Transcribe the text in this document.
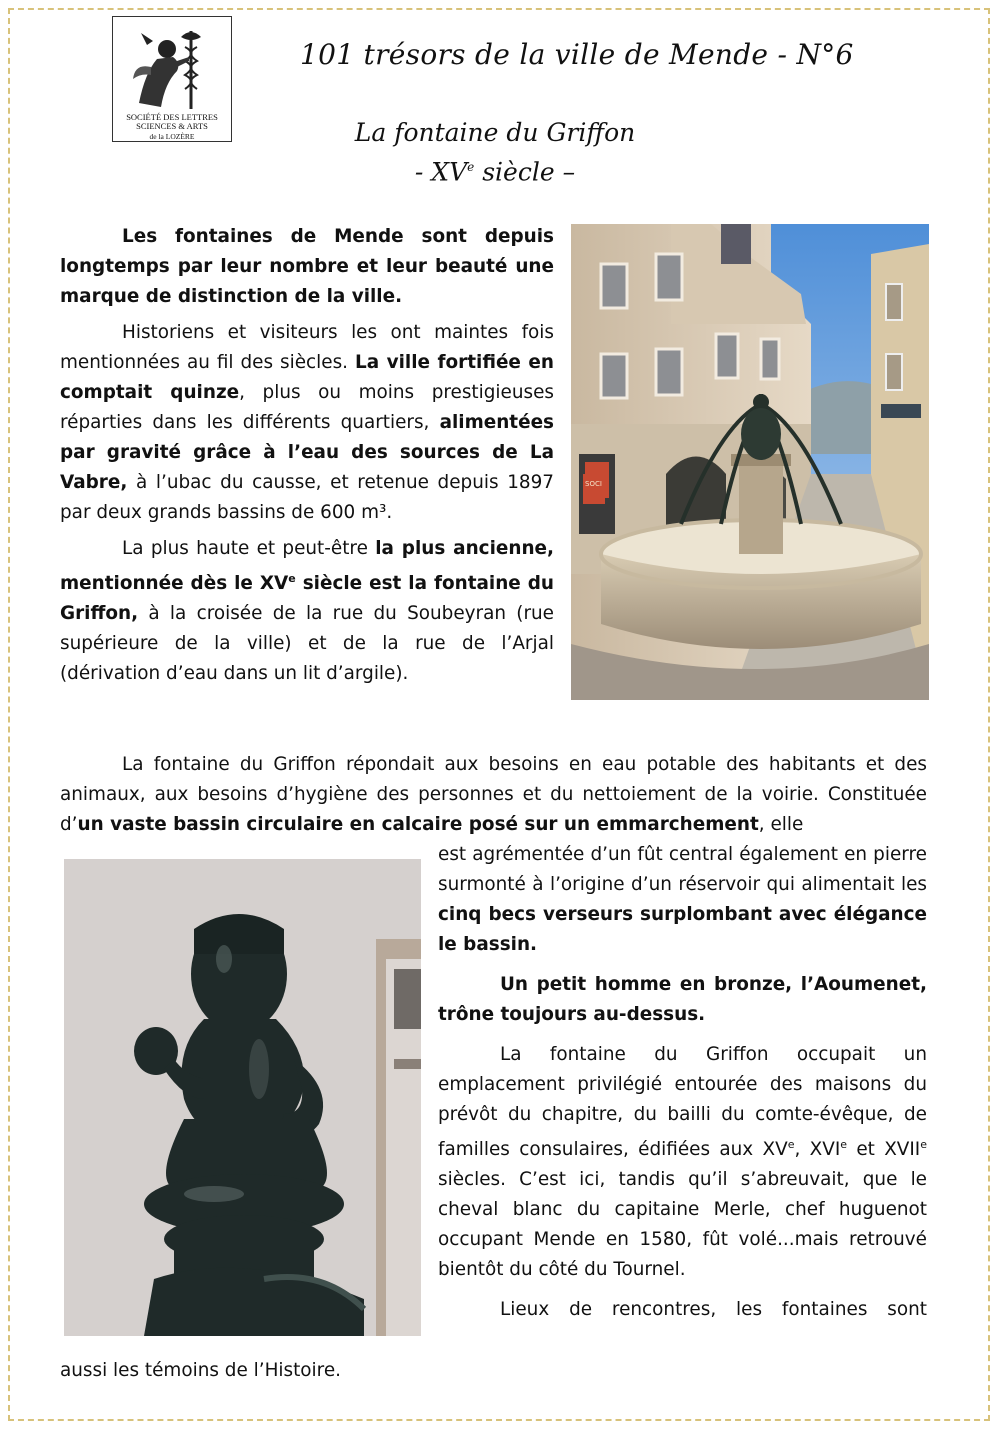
SOCIÉTÉ DES LETTRES
SCIENCES & ARTS
de la LOZÈRE
101 trésors de la ville de Mende - N°6
La fontaine du Griffon
- XVe siècle –

Les fontaines de Mende sont depuis longtemps par leur nombre et leur beauté une marque de distinction de la ville.

Historiens et visiteurs les ont maintes fois mentionnées au fil des siècles. La ville fortifiée en comptait quinze, plus ou moins prestigieuses réparties dans les différents quartiers, alimentées par gravité grâce à l’eau des sources de La Vabre, à l’ubac du causse, et retenue depuis 1897 par deux grands bassins de 600 m³.

La plus haute et peut-être la plus ancienne, mentionnée dès le XVe siècle est la fontaine du Griffon, à la croisée de la rue du Soubeyran (rue supérieure de la ville) et de la rue de l’Arjal (dérivation d’eau dans un lit d’argile).

SOCI

La fontaine du Griffon répondait aux besoins en eau potable des habitants et des animaux, aux besoins d’hygiène des personnes et du nettoiement de la voirie. Constituée d’un vaste bassin circulaire en calcaire posé sur un emmarchement, elle

est agrémentée d’un fût central également en pierre surmonté à l’origine d’un réservoir qui alimentait les cinq becs verseurs surplombant avec élégance le bassin.

Un petit homme en bronze, l’Aoumenet, trône toujours au-dessus.

La fontaine du Griffon occupait un emplacement privilégié entourée des maisons du prévôt du chapitre, du bailli du comte-évêque, de familles consulaires, édifiées aux XVe, XVIe et XVIIe siècles. C’est ici, tandis qu’il s’abreuvait, que le cheval blanc du capitaine Merle, chef huguenot occupant Mende en 1580, fût volé...mais retrouvé bientôt du côté du Tournel.

Lieux de rencontres, les fontaines sont

aussi les témoins de l’Histoire.
